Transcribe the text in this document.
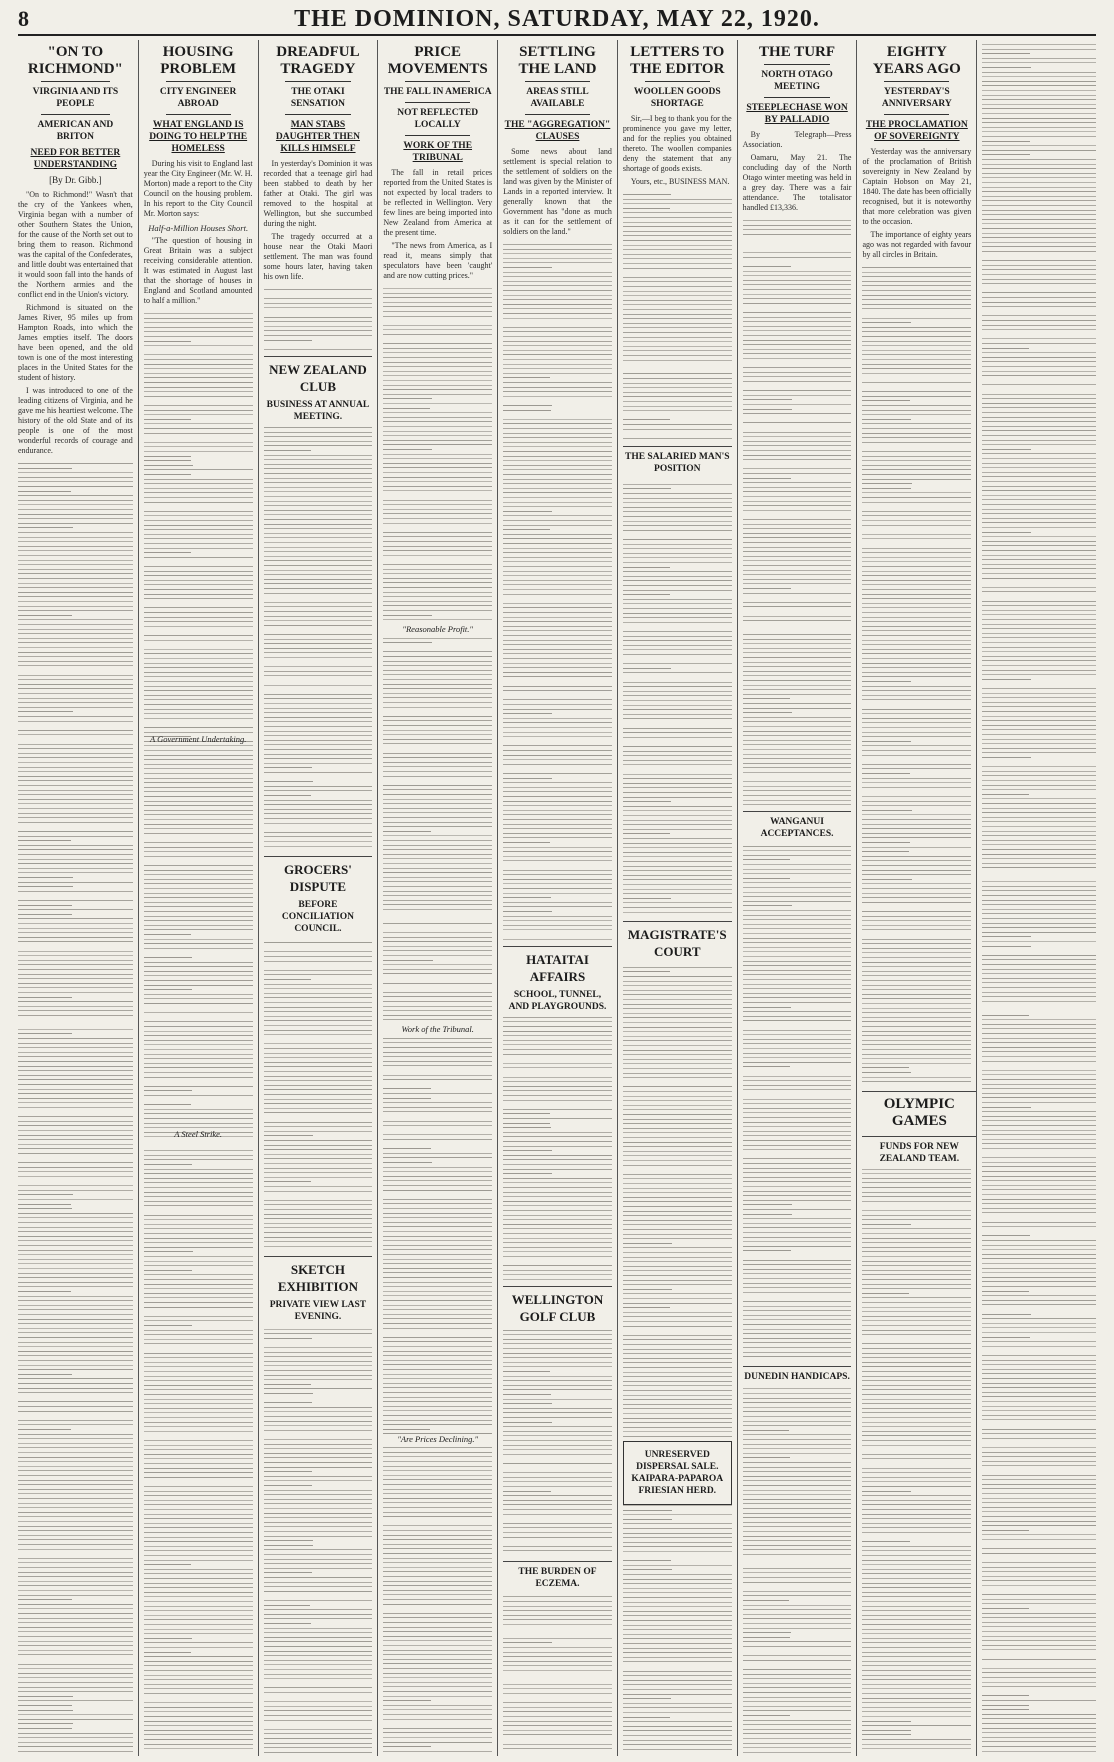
8	THE DOMINION, SATURDAY, MAY 22, 1920.
"ON TO RICHMOND"
VIRGINIA AND ITS PEOPLE
AMERICAN AND BRITON
NEED FOR BETTER UNDERSTANDING
[By Dr. Gibb.]

"On to Richmond!" Wasn't that the cry of the Yankees when, Virginia began with a number of other Southern States the Union, for the cause of the North set out to bring them to reason. Richmond was the capital of the Confederates, and little doubt was entertained that it would soon fall into the hands of the Northern armies and the conflict end in the Union's victory.

Richmond is situated on the James River, 95 miles up from Hampton Roads, into which the James empties itself. The doors have been opened, and the old town is one of the most interesting places in the United States for the student of history.

I was introduced to one of the leading citizens of Virginia, and he gave me his heartiest welcome. The history of the old State and of its people is one of the most wonderful records of courage and endurance.

HOUSING PROBLEM
CITY ENGINEER ABROAD
WHAT ENGLAND IS DOING TO HELP THE HOMELESS

During his visit to England last year the City Engineer (Mr. W. H. Morton) made a report to the City Council on the housing problem. In his report to the City Council Mr. Morton says:

Half-a-Million Houses Short.

"The question of housing in Great Britain was a subject receiving considerable attention. It was estimated in August last that the shortage of houses in England and Scotland amounted to half a million."

A Government Undertaking.
A Steel Strike.
DREADFUL TRAGEDY
THE OTAKI SENSATION
MAN STABS DAUGHTER THEN KILLS HIMSELF

In yesterday's Dominion it was recorded that a teenage girl had been stabbed to death by her father at Otaki. The girl was removed to the hospital at Wellington, but she succumbed during the night.

The tragedy occurred at a house near the Otaki Maori settlement. The man was found some hours later, having taken his own life.

NEW ZEALAND CLUB
BUSINESS AT ANNUAL MEETING.
GROCERS' DISPUTE
BEFORE CONCILIATION COUNCIL.
SKETCH EXHIBITION
PRIVATE VIEW LAST EVENING.
PRICE MOVEMENTS
THE FALL IN AMERICA
NOT REFLECTED LOCALLY
WORK OF THE TRIBUNAL

The fall in retail prices reported from the United States is not expected by local traders to be reflected in Wellington. Very few lines are being imported into New Zealand from America at the present time.

"The news from America, as I read it, means simply that speculators have been 'caught' and are now cutting prices."

"Reasonable Profit."
Work of the Tribunal.
"Are Prices Declining."
SETTLING THE LAND
AREAS STILL AVAILABLE
THE "AGGREGATION" CLAUSES

Some news about land settlement is special relation to the settlement of soldiers on the land was given by the Minister of Lands in a reported interview. It generally known that the Government has "done as much as it can for the settlement of soldiers on the land."

HATAITAI AFFAIRS
SCHOOL, TUNNEL, AND PLAYGROUNDS.
WELLINGTON GOLF CLUB
THE BURDEN OF ECZEMA.
LETTERS TO THE EDITOR
WOOLLEN GOODS SHORTAGE

Sir,—I beg to thank you for the prominence you gave my letter, and for the replies you obtained thereto. The woollen companies deny the statement that any shortage of goods exists.

Yours, etc., BUSINESS MAN.

THE SALARIED MAN'S POSITION
MAGISTRATE'S COURT
UNRESERVED DISPERSAL SALE. KAIPARA-PAPAROA FRIESIAN HERD.
THE TURF
NORTH OTAGO MEETING
STEEPLECHASE WON BY PALLADIO

By Telegraph—Press Association.

Oamaru, May 21. The concluding day of the North Otago winter meeting was held in a grey day. There was a fair attendance. The totalisator handled £13,336.

WANGANUI ACCEPTANCES.
DUNEDIN HANDICAPS.
EIGHTY YEARS AGO
YESTERDAY'S ANNIVERSARY
THE PROCLAMATION OF SOVEREIGNTY

Yesterday was the anniversary of the proclamation of British sovereignty in New Zealand by Captain Hobson on May 21, 1840. The date has been officially recognised, but it is noteworthy that more celebration was given to the occasion.

The importance of eighty years ago was not regarded with favour by all circles in Britain.

OLYMPIC GAMES
FUNDS FOR NEW ZEALAND TEAM.
